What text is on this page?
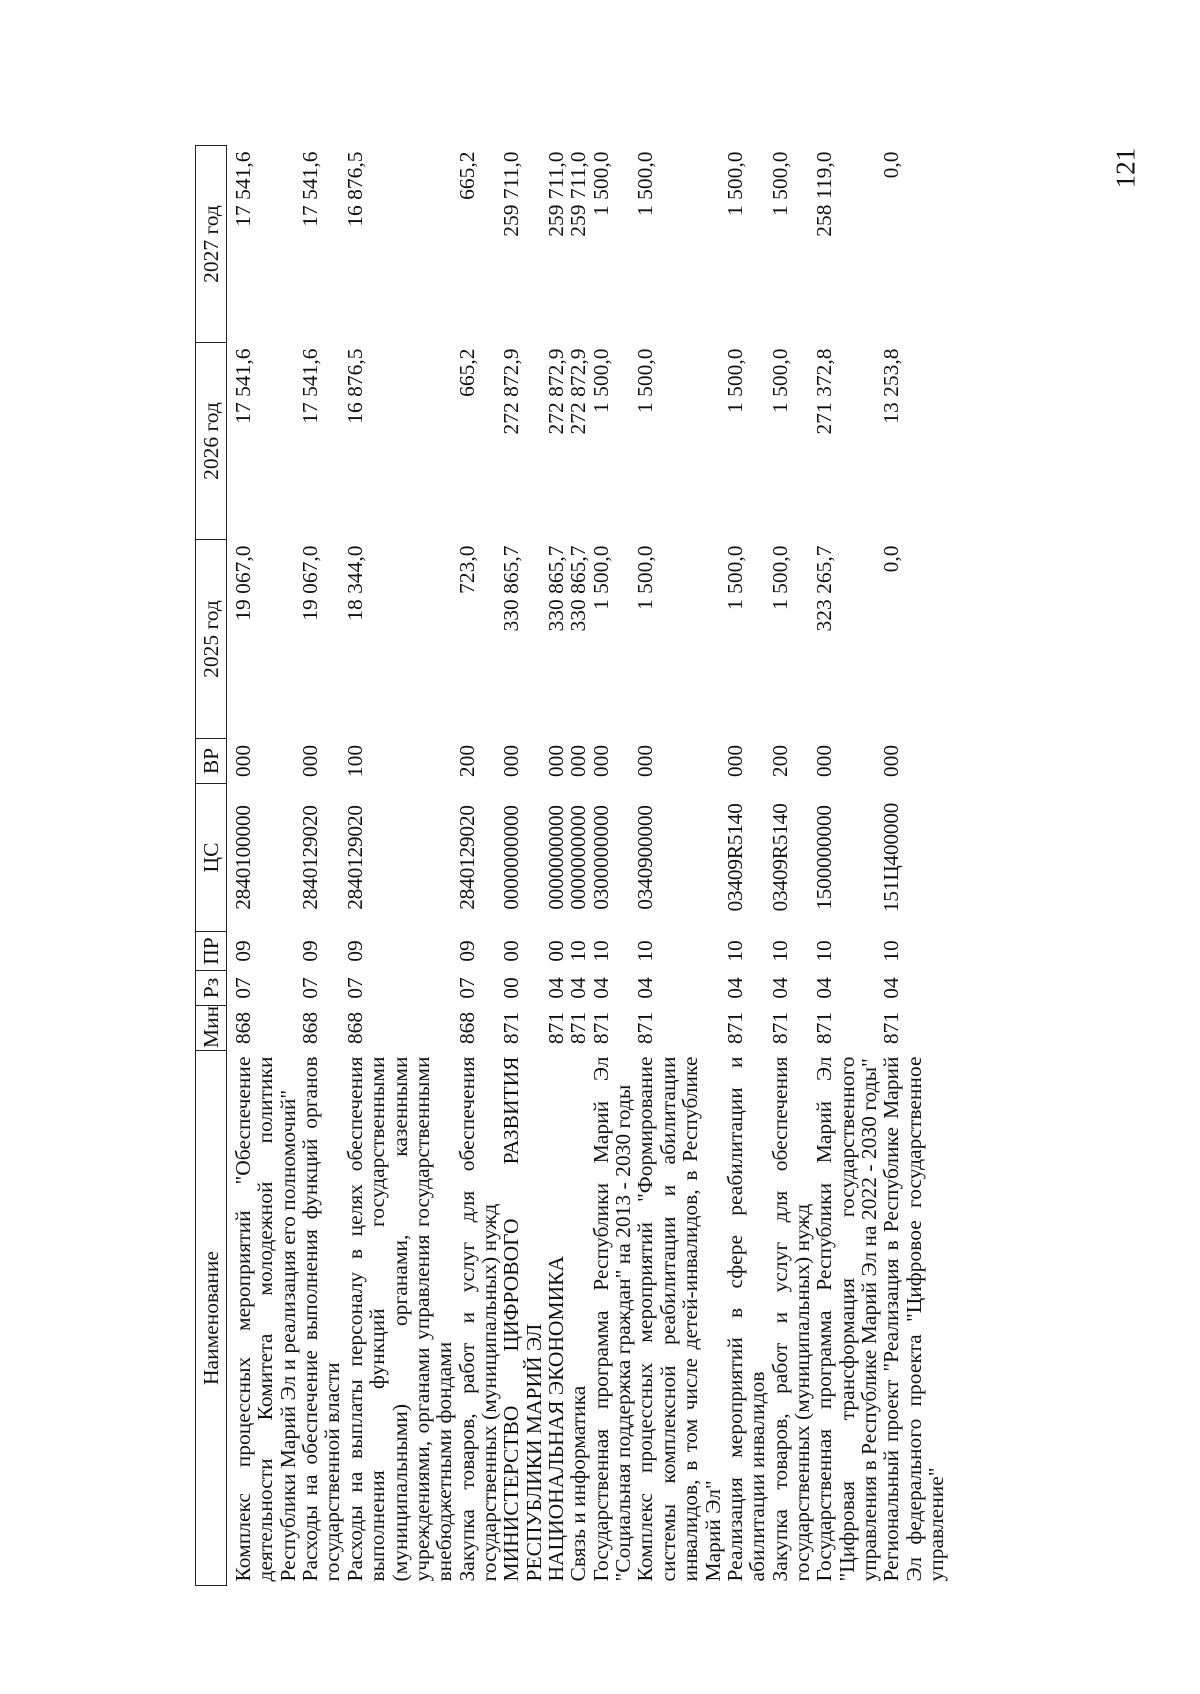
121
Наименование	Мин	Рз	ПР	ЦС	ВР	2025 год	2026 год	2027 год
Комплекс процессных мероприятий "Обеспечение деятельности Комитета молодежной политики Республики Марий Эл и реализация его полномочий"	868	07	09	2840100000	000	19 067,0	17 541,6	17 541,6
Расходы на обеспечение выполнения функций органов государственной власти	868	07	09	2840129020	000	19 067,0	17 541,6	17 541,6
Расходы на выплаты персоналу в целях обеспечения выполнения функций государственными (муниципальными) органами, казенными учреждениями, органами управления государственными внебюджетными фондами	868	07	09	2840129020	100	18 344,0	16 876,5	16 876,5
Закупка товаров, работ и услуг для обеспечения государственных (муниципальных) нужд	868	07	09	2840129020	200	723,0	665,2	665,2
МИНИСТЕРСТВО ЦИФРОВОГО РАЗВИТИЯ РЕСПУБЛИКИ МАРИЙ ЭЛ	871	00	00	0000000000	000	330 865,7	272 872,9	259 711,0
НАЦИОНАЛЬНАЯ ЭКОНОМИКА	871	04	00	0000000000	000	330 865,7	272 872,9	259 711,0
Связь и информатика	871	04	10	0000000000	000	330 865,7	272 872,9	259 711,0
Государственная программа Республики Марий Эл "Социальная поддержка граждан" на 2013 - 2030 годы	871	04	10	0300000000	000	1 500,0	1 500,0	1 500,0
Комплекс процессных мероприятий "Формирование системы комплексной реабилитации и абилитации инвалидов, в том числе детей-инвалидов, в Республике Марий Эл"	871	04	10	0340900000	000	1 500,0	1 500,0	1 500,0
Реализация мероприятий в сфере реабилитации и абилитации инвалидов	871	04	10	03409R5140	000	1 500,0	1 500,0	1 500,0
Закупка товаров, работ и услуг для обеспечения государственных (муниципальных) нужд	871	04	10	03409R5140	200	1 500,0	1 500,0	1 500,0
Государственная программа Республики Марий Эл "Цифровая трансформация государственного управления в Республике Марий Эл на 2022 - 2030 годы"	871	04	10	1500000000	000	323 265,7	271 372,8	258 119,0
Региональный проект "Реализация в Республике Марий Эл федерального проекта "Цифровое государственное управление"	871	04	10	151Ц400000	000	0,0	13 253,8	0,0
